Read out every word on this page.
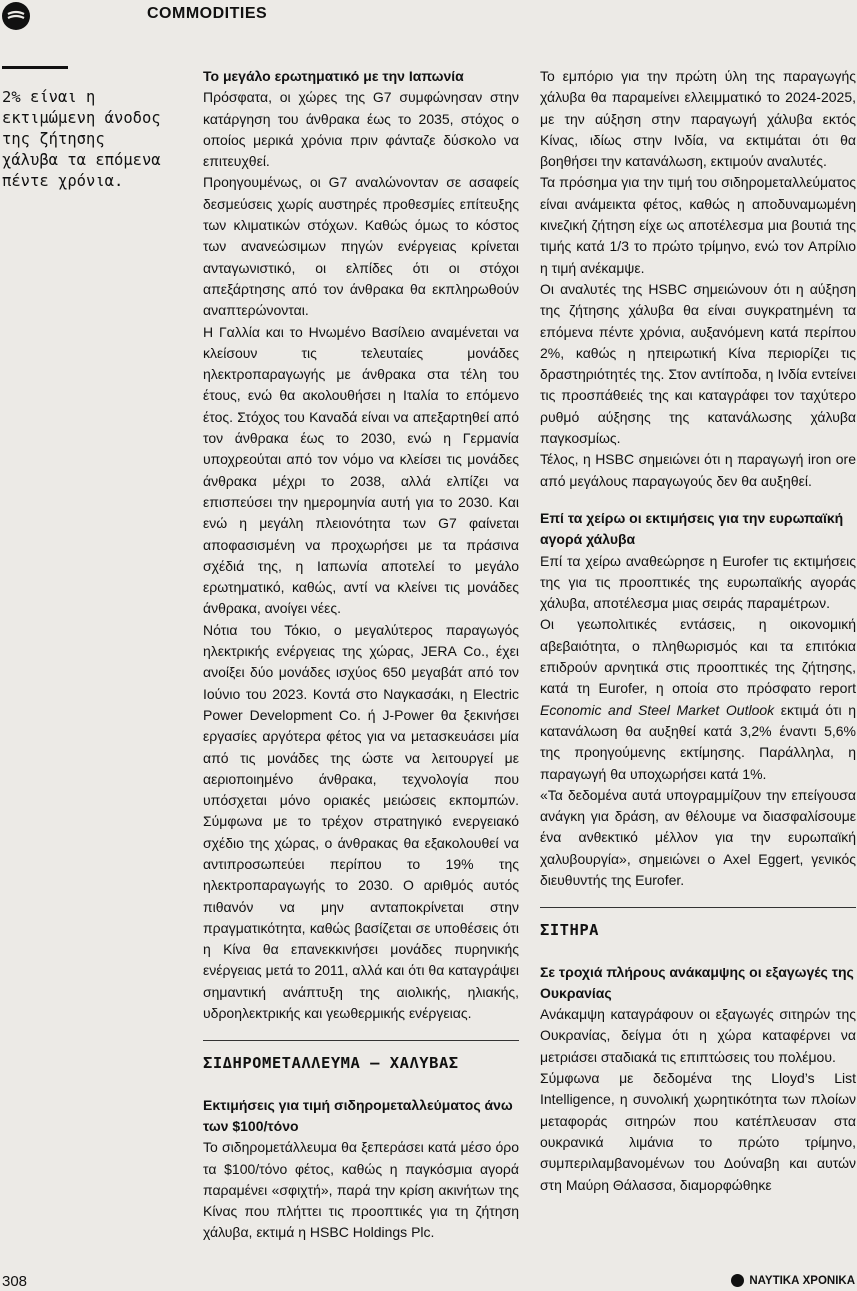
COMMODITIES
2% είναι η
εκτιμώμενη άνοδος
της ζήτησης
χάλυβα τα επόμενα
πέντε χρόνια.
Το μεγάλο ερωτηματικό με την Ιαπωνία

Πρόσφατα, οι χώρες της G7 συμφώνησαν στην κατάργηση του άνθρακα έως το 2035, στόχος ο οποίος μερικά χρόνια πριν φάνταζε δύσκολο να επιτευχθεί.

Προηγουμένως, οι G7 αναλώνονταν σε ασαφείς δεσμεύσεις χωρίς αυστηρές προθεσμίες επίτευξης των κλιματικών στόχων. Καθώς όμως το κόστος των ανανεώσιμων πηγών ενέργειας κρίνεται ανταγωνιστικό, οι ελπίδες ότι οι στόχοι απεξάρτησης από τον άνθρακα θα εκπληρωθούν αναπτερώνονται.

Η Γαλλία και το Ηνωμένο Βασίλειο αναμένεται να κλείσουν τις τελευταίες μονάδες ηλεκτροπαραγωγής με άνθρακα στα τέλη του έτους, ενώ θα ακολουθήσει η Ιταλία το επόμενο έτος. Στόχος του Καναδά είναι να απεξαρτηθεί από τον άνθρακα έως το 2030, ενώ η Γερμανία υποχρεούται από τον νόμο να κλείσει τις μονάδες άνθρακα μέχρι το 2038, αλλά ελπίζει να επισπεύσει την ημερομηνία αυτή για το 2030. Και ενώ η μεγάλη πλειονότητα των G7 φαίνεται αποφασισμένη να προχωρήσει με τα πράσινα σχέδιά της, η Ιαπωνία αποτελεί το μεγάλο ερωτηματικό, καθώς, αντί να κλείνει τις μονάδες άνθρακα, ανοίγει νέες.

Νότια του Τόκιο, ο μεγαλύτερος παραγωγός ηλεκτρικής ενέργειας της χώρας, JERA Co., έχει ανοίξει δύο μονάδες ισχύος 650 μεγαβάτ από τον Ιούνιο του 2023. Κοντά στο Ναγκασάκι, η Electric Power Development Co. ή J-Power θα ξεκινήσει εργασίες αργότερα φέτος για να μετασκευάσει μία από τις μονάδες της ώστε να λειτουργεί με αεριοποιημένο άνθρακα, τεχνολογία που υπόσχεται μόνο οριακές μειώσεις εκπομπών. Σύμφωνα με το τρέχον στρατηγικό ενεργειακό σχέδιο της χώρας, ο άνθρακας θα εξακολουθεί να αντιπροσωπεύει περίπου το 19% της ηλεκτροπαραγωγής το 2030. Ο αριθμός αυτός πιθανόν να μην ανταποκρίνεται στην πραγματικότητα, καθώς βασίζεται σε υποθέσεις ότι η Κίνα θα επανεκκινήσει μονάδες πυρηνικής ενέργειας μετά το 2011, αλλά και ότι θα καταγράψει σημαντική ανάπτυξη της αιολικής, ηλιακής, υδροηλεκτρικής και γεωθερμικής ενέργειας.

ΣΙΔΗΡΟΜΕΤΑΛΛΕΥΜΑ – ΧΑΛΥΒΑΣ
Εκτιμήσεις για τιμή σιδηρομεταλλεύματος άνω των $100/τόνο

Το σιδηρομετάλλευμα θα ξεπεράσει κατά μέσο όρο τα $100/τόνο φέτος, καθώς η παγκόσμια αγορά παραμένει «σφιχτή», παρά την κρίση ακινήτων της Κίνας που πλήττει τις προοπτικές για τη ζήτηση χάλυβα, εκτιμά η HSBC Holdings Plc.

Το εμπόριο για την πρώτη ύλη της παραγωγής χάλυβα θα παραμείνει ελλειμματικό το 2024-2025, με την αύξηση στην παραγωγή χάλυβα εκτός Κίνας, ιδίως στην Ινδία, να εκτιμάται ότι θα βοηθήσει την κατανάλωση, εκτιμούν αναλυτές.

Τα πρόσημα για την τιμή του σιδηρομεταλλεύματος είναι ανάμεικτα φέτος, καθώς η αποδυναμωμένη κινεζική ζήτηση είχε ως αποτέλεσμα μια βουτιά της τιμής κατά 1/3 το πρώτο τρίμηνο, ενώ τον Απρίλιο η τιμή ανέκαμψε.

Οι αναλυτές της HSBC σημειώνουν ότι η αύξηση της ζήτησης χάλυβα θα είναι συγκρατημένη τα επόμενα πέντε χρόνια, αυξανόμενη κατά περίπου 2%, καθώς η ηπειρωτική Κίνα περιορίζει τις δραστηριότητές της. Στον αντίποδα, η Ινδία εντείνει τις προσπάθειές της και καταγράφει τον ταχύτερο ρυθμό αύξησης της κατανάλωσης χάλυβα παγκοσμίως.

Τέλος, η HSBC σημειώνει ότι η παραγωγή iron ore από μεγάλους παραγωγούς δεν θα αυξηθεί.

Επί τα χείρω οι εκτιμήσεις για την ευρωπαϊκή αγορά χάλυβα

Επί τα χείρω αναθεώρησε η Eurofer τις εκτιμήσεις της για τις προοπτικές της ευρωπαϊκής αγοράς χάλυβα, αποτέλεσμα μιας σειράς παραμέτρων.

Οι γεωπολιτικές εντάσεις, η οικονομική αβεβαιότητα, ο πληθωρισμός και τα επιτόκια επιδρούν αρνητικά στις προοπτικές της ζήτησης, κατά τη Eurofer, η οποία στο πρόσφατο report Economic and Steel Market Outlook εκτιμά ότι η κατανάλωση θα αυξηθεί κατά 3,2% έναντι 5,6% της προηγούμενης εκτίμησης. Παράλληλα, η παραγωγή θα υποχωρήσει κατά 1%.

«Τα δεδομένα αυτά υπογραμμίζουν την επείγουσα ανάγκη για δράση, αν θέλουμε να διασφαλίσουμε ένα ανθεκτικό μέλλον για την ευρωπαϊκή χαλυβουργία», σημειώνει ο Axel Eggert, γενικός διευθυντής της Eurofer.

ΣΙΤΗΡΑ
Σε τροχιά πλήρους ανάκαμψης οι εξαγωγές της Ουκρανίας

Ανάκαμψη καταγράφουν οι εξαγωγές σιτηρών της Ουκρανίας, δείγμα ότι η χώρα καταφέρνει να μετριάσει σταδιακά τις επιπτώσεις του πολέμου.

Σύμφωνα με δεδομένα της Lloyd’s List Intelligence, η συνολική χωρητικότητα των πλοίων μεταφοράς σιτηρών που κατέπλευσαν στα ουκρανικά λιμάνια το πρώτο τρίμηνο, συμπεριλαμβανομένων του Δούναβη και αυτών στη Μαύρη Θάλασσα, διαμορφώθηκε

308	ΝΑΥΤΙΚΑ ΧΡΟΝΙΚΑ
